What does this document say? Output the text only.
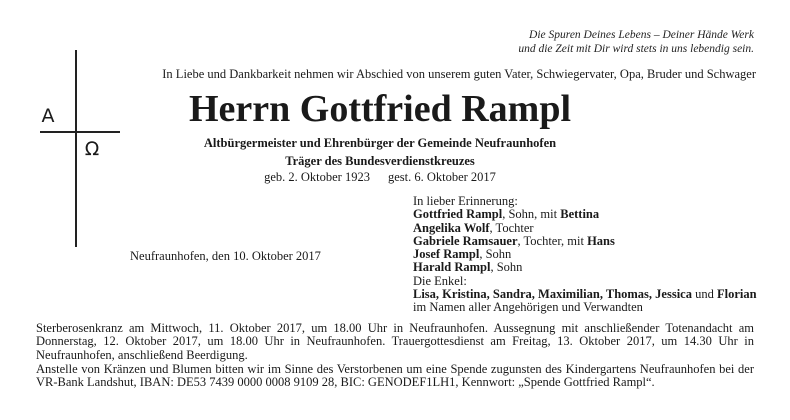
Die Spuren Deines Lebens – Deiner Hände Werk
und die Zeit mit Dir wird stets in uns lebendig sein.
In Liebe und Dankbarkeit nehmen wir Abschied von unserem guten Vater, Schwiegervater, Opa, Bruder und Schwager
A
Ω
Herrn Gottfried Rampl
Altbürgermeister und Ehrenbürger der Gemeinde Neufraunhofen
Träger des Bundesverdienstkreuzes
geb. 2. Oktober 1923 gest. 6. Oktober 2017
Neufraunhofen, den 10. Oktober 2017
In lieber Erinnerung:
Gottfried Rampl, Sohn, mit Bettina
Angelika Wolf, Tochter
Gabriele Ramsauer, Tochter, mit Hans
Josef Rampl, Sohn
Harald Rampl, Sohn
Die Enkel:
Lisa, Kristina, Sandra, Maximilian, Thomas, Jessica und Florian
im Namen aller Angehörigen und Verwandten
Sterberosenkranz am Mittwoch, 11. Oktober 2017, um 18.00 Uhr in Neufraunhofen. Aussegnung mit anschließender Totenandacht am Donnerstag, 12. Oktober 2017, um 18.00 Uhr in Neufraunhofen. Trauergottesdienst am Freitag, 13. Oktober 2017, um 14.30 Uhr in Neufraunhofen, anschließend Beerdigung.
Anstelle von Kränzen und Blumen bitten wir im Sinne des Verstorbenen um eine Spende zugunsten des Kindergartens Neufraunhofen bei der VR-Bank Landshut, IBAN: DE53 7439 0000 0008 9109 28, BIC: GENODEF1LH1, Kennwort: „Spende Gottfried Rampl“.
